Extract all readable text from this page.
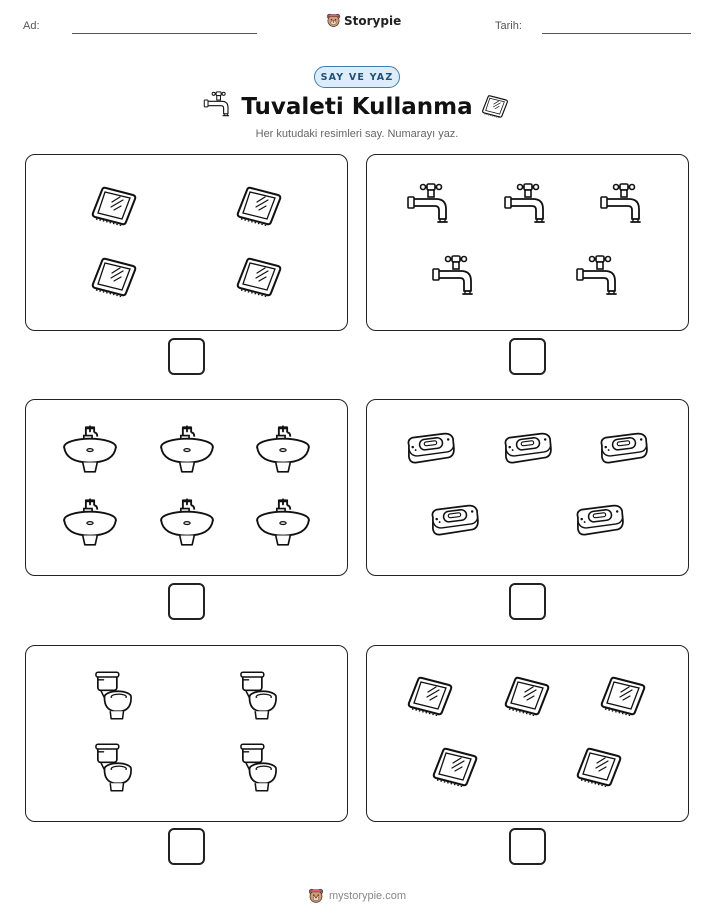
Ad:	Storypie	Tarih:
SAY VE YAZ
Tuvaleti Kullanma
Her kutudaki resimleri say. Numarayı yaz.
mystorypie.com
